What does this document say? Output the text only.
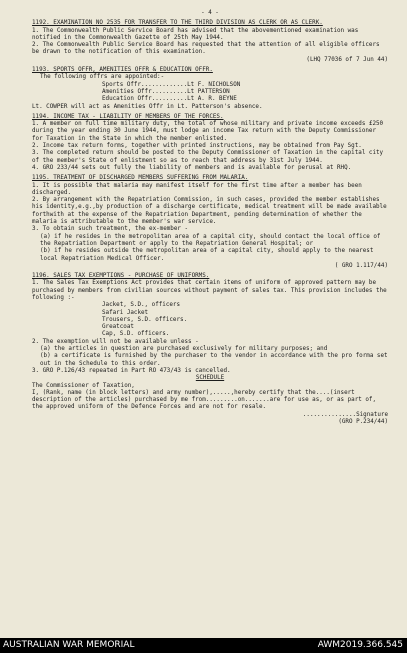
- 4 -
1192. EXAMINATION NO 2535 FOR TRANSFER TO THE THIRD DIVISION AS CLERK OR AS CLERK.

1. The Commonwealth Public Service Board has advised that the abovementioned examination was notified in the Commonwealth Gazette of 25th May 1944.

2. The Commonwealth Public Service Board has requested that the attention of all eligible officers be drawn to the notification of this examination.

(LHQ 77036 of 7 Jun 44)
1193. SPORTS OFFR, AMENITIES OFFR & EDUCATION OFFR.

The following offrs are appointed:-

Sports Offr.............Lt F. NICHOLSON
Amenities Offr..........Lt PATTERSON
Education Offr..........Lt A. R. BEYNE

Lt. COWPER will act as Amenities Offr in Lt. Patterson's absence.

1194. INCOME TAX - LIABILITY OF MEMBERS OF THE FORCES.

1. A member on full time military duty, the total of whose military and private income exceeds £250 during the year ending 30 June 1944, must lodge an income Tax return with the Deputy Commissioner for Taxation in the State in which the member enlisted.

2. Income tax return forms, together with printed instructions, may be obtained from Pay Sgt.

3. The completed return should be posted to the Deputy Commissioner of Taxation in the capital city of the member's State of enlistment so as to reach that address by 31st July 1944.

4. GRO 233/44 sets out fully the liability of members and is available for perusal at RHQ.

1195. TREATMENT OF DISCHARGED MEMBERS SUFFERING FROM MALARIA.

1. It is possible that malaria may manifest itself for the first time after a member has been discharged.

2. By arrangement with the Repatriation Commission, in such cases, provided the member establishes his identity,e.g.,by production of a discharge certificate, medical treatment will be made available forthwith at the expense of the Repatriation Department, pending determination of whether the malaria is attributable to the member's war service.

3. To obtain such treatment, the ex-member -

(a) if he resides in the metropolitan area of a capital city, should contact the local office of the Repatriation Department or apply to the Repatriation General Hospital; or

(b) if he resides outside the metropolitan area of a capital city, should apply to the nearest local Repatriation Medical Officer.

( GRO 1.117/44)
1196. SALES TAX EXEMPTIONS - PURCHASE OF UNIFORMS.

1. The Sales Tax Exemptions Act provides that certain items of uniform of approved pattern may be purchased by members from civilian sources without payment of sales tax. This provision includes the following :-

Jacket, S.D., officers
Safari Jacket
Trousers, S.D. officers.
Greatcoat
Cap, S.D. officers.

2. The exemption will not be available unless -

(a) the articles in question are purchased exclusively for military purposes; and

(b) a certificate is furnished by the purchaser to the vendor in accordance with the pro forma set out in the Schedule to this order.

3. GRO P.126/43 repeated in Part RO 473/43 is cancelled.

SCHEDULE

The Commissioner of Taxation,

I, (Rank, name (in block letters) and army number),.....,hereby certify that the....(insert description of the articles) purchased by me from.........on.......are for use as, or as part of, the approved uniform of the Defence Forces and are not for resale.

...............Signature
(GRO P.234/44)
AUSTRALIAN WAR MEMORIAL	AWM2019.366.545
